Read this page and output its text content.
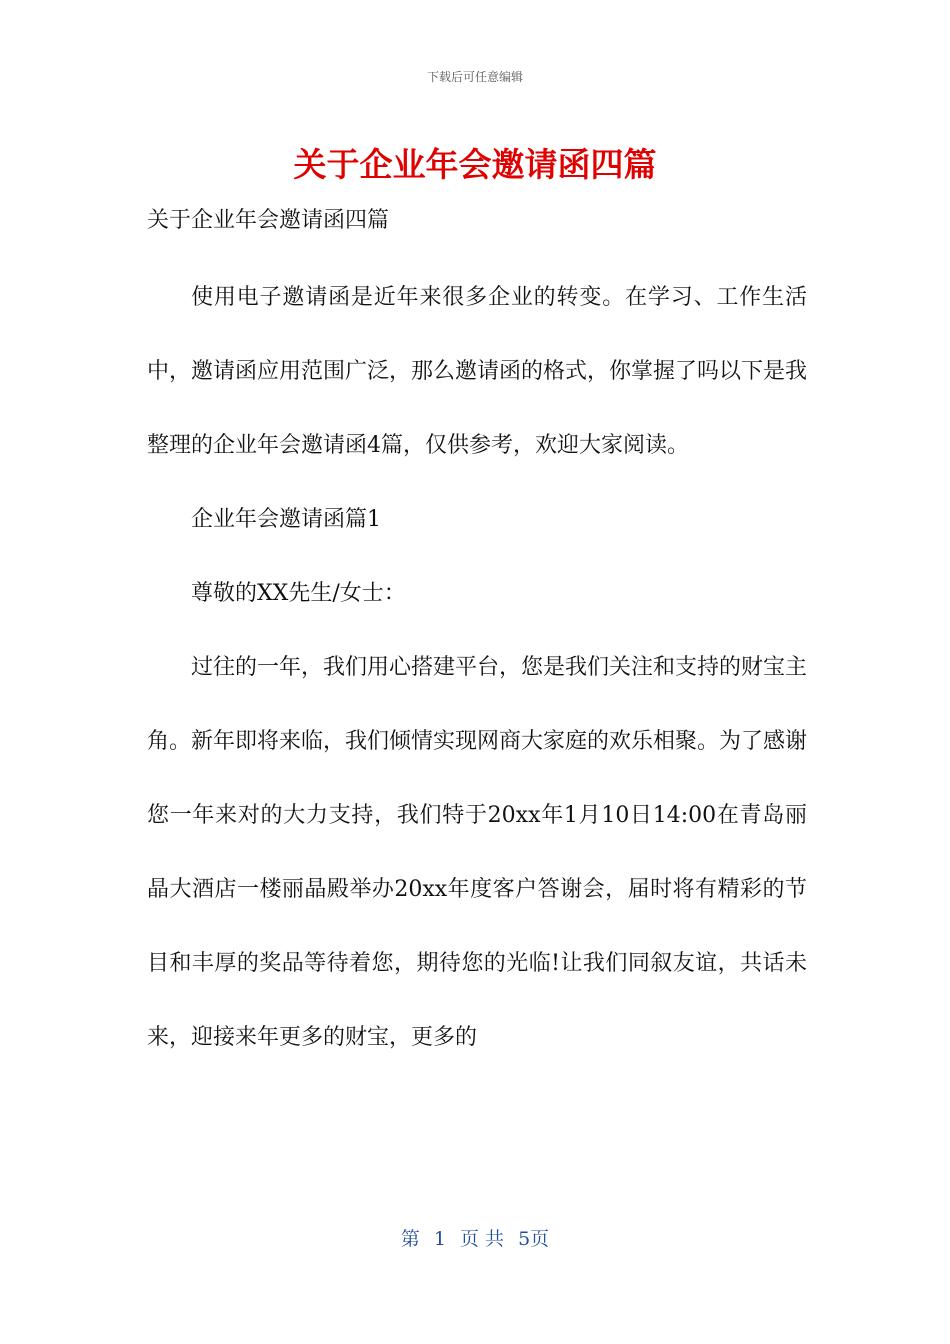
下载后可任意编辑
关于企业年会邀请函四篇

关于企业年会邀请函四篇

使用电子邀请函是近年来很多企业的转变。在学习、工作生活中，邀请函应用范围广泛，那么邀请函的格式，你掌握了吗以下是我整理的企业年会邀请函4篇，仅供参考，欢迎大家阅读。

企业年会邀请函篇1

尊敬的XX先生/女士：

过往的一年，我们用心搭建平台，您是我们关注和支持的财宝主角。新年即将来临，我们倾情实现网商大家庭的欢乐相聚。为了感谢您一年来对的大力支持，我们特于20xx年1月10日14:00在青岛丽晶大酒店一楼丽晶殿举办20xx年度客户答谢会，届时将有精彩的节目和丰厚的奖品等待着您，期待您的光临!让我们同叙友谊，共话未来，迎接来年更多的财宝，更多的

第 1 页 共 5页
